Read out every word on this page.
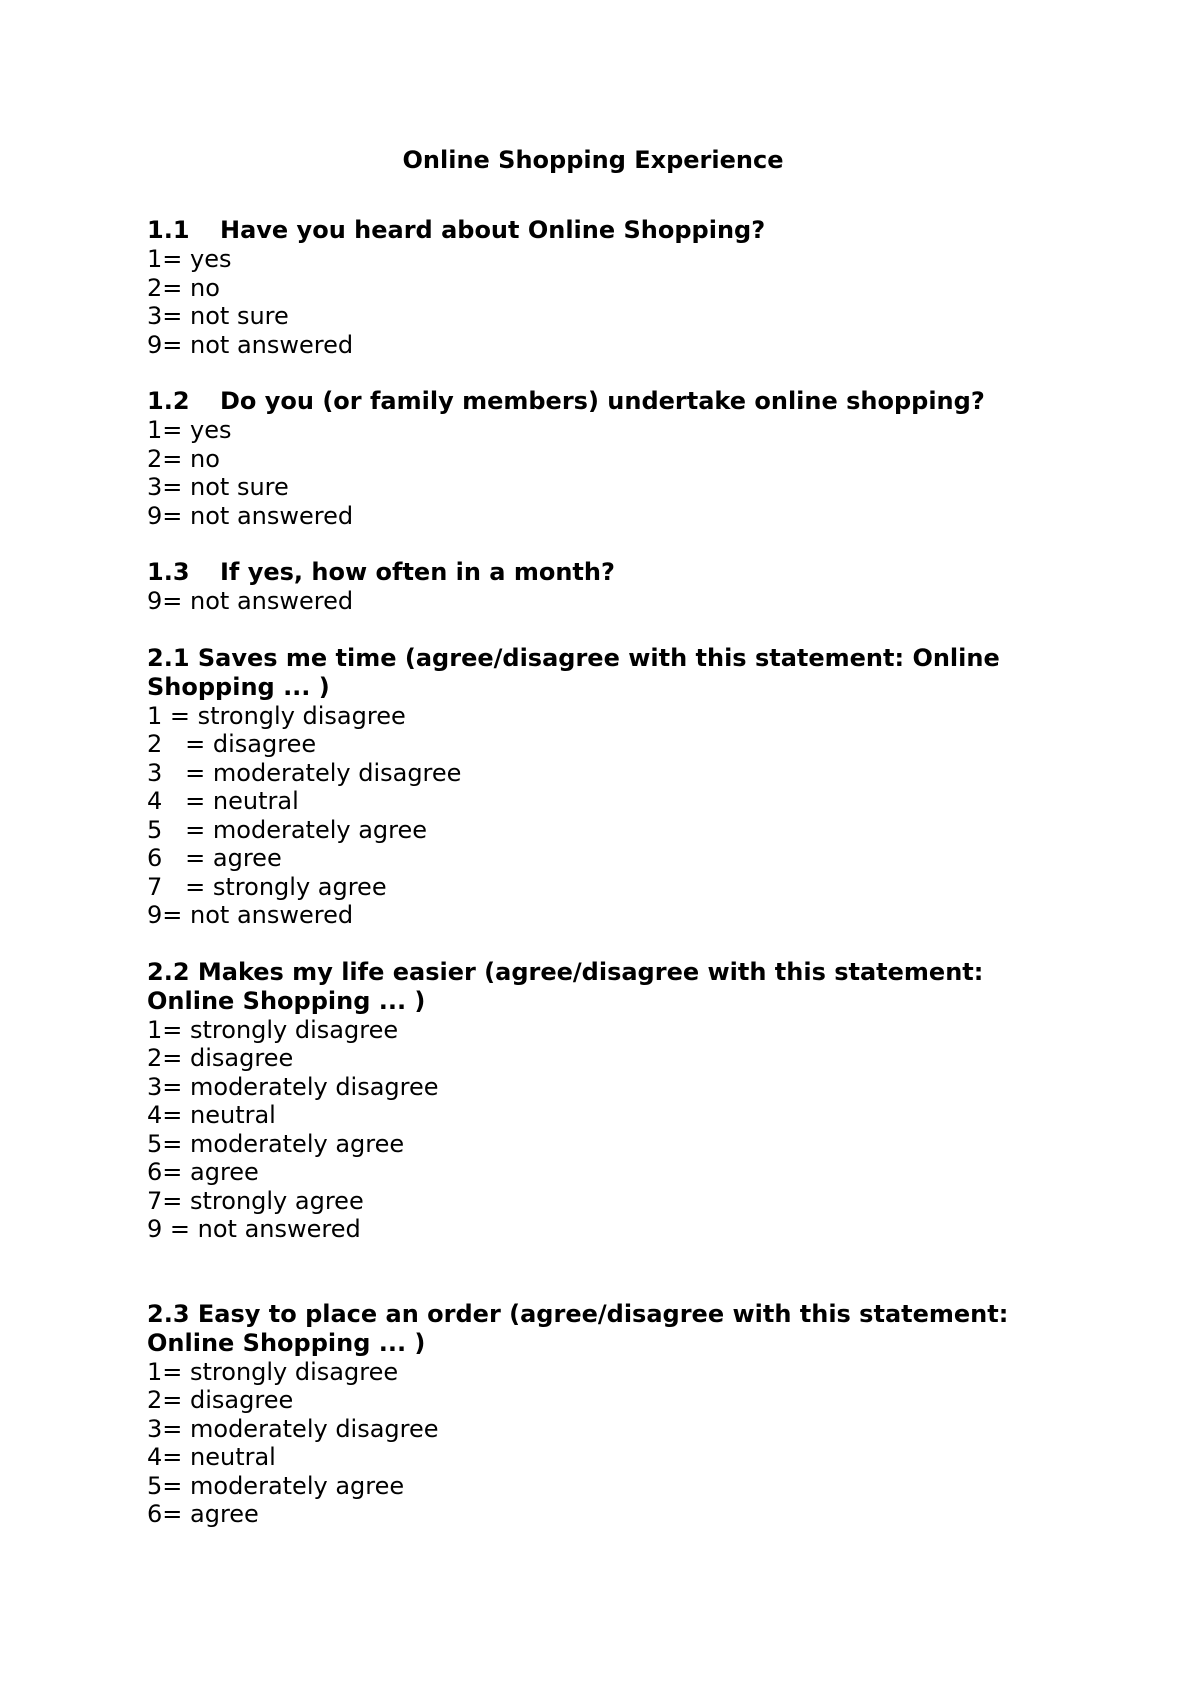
Online Shopping Experience
1.1 Have you heard about Online Shopping?
1= yes
2= no
3= not sure
9= not answered
1.2 Do you (or family members) undertake online shopping?
1= yes
2= no
3= not sure
9= not answered
1.3 If yes, how often in a month?
9= not answered
2.1 Saves me time (agree/disagree with this statement: Online
Shopping ... )
1 = strongly disagree
2   = disagree
3   = moderately disagree
4   = neutral
5   = moderately agree
6   = agree
7   = strongly agree
9= not answered
2.2 Makes my life easier (agree/disagree with this statement:
Online Shopping ... )
1= strongly disagree
2= disagree
3= moderately disagree
4= neutral
5= moderately agree
6= agree
7= strongly agree
9 = not answered
2.3 Easy to place an order (agree/disagree with this statement:
Online Shopping ... )
1= strongly disagree
2= disagree
3= moderately disagree
4= neutral
5= moderately agree
6= agree
